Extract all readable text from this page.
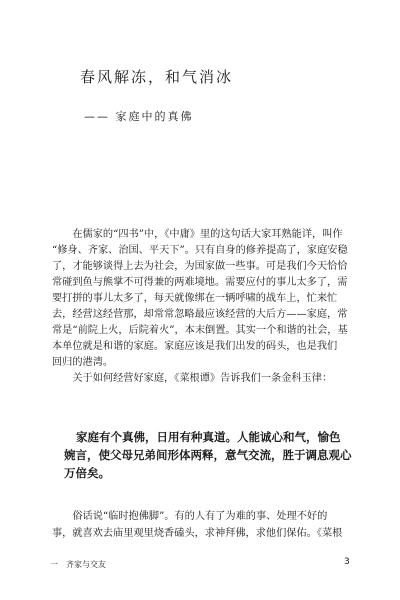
春风解冻，和气消冰
—— 家庭中的真佛
　　在儒家的“四书”中，《中庸》里的这句话大家耳熟能详，叫作
“修身、齐家、治国、平天下”。只有自身的修养提高了，家庭安稳
了，才能够谈得上去为社会，为国家做一些事。可是我们今天恰恰
常碰到鱼与熊掌不可得兼的两难境地。需要应付的事儿太多了，需
要打拼的事儿太多了，每天就像绑在一辆呼啸的战车上，忙来忙
去，经营这经营那，却常常忽略最应该经营的大后方——家庭，常
常是“前院上火，后院着火”，本末倒置。其实一个和谐的社会，基
本单位就是和谐的家庭。家庭应该是我们出发的码头，也是我们
回归的港湾。
　　关于如何经营好家庭，《菜根谭》告诉我们一条金科玉律：
家庭有个真佛，日用有种真道。人能诚心和气，愉色
婉言，使父母兄弟间形体两释，意气交流，胜于调息观心
万倍矣。
　　俗话说“临时抱佛脚”。有的人有了为难的事、处理不好的
事，就喜欢去庙里观里烧香磕头，求神拜佛，求他们保佑。《菜根
一　齐家与交友	3
